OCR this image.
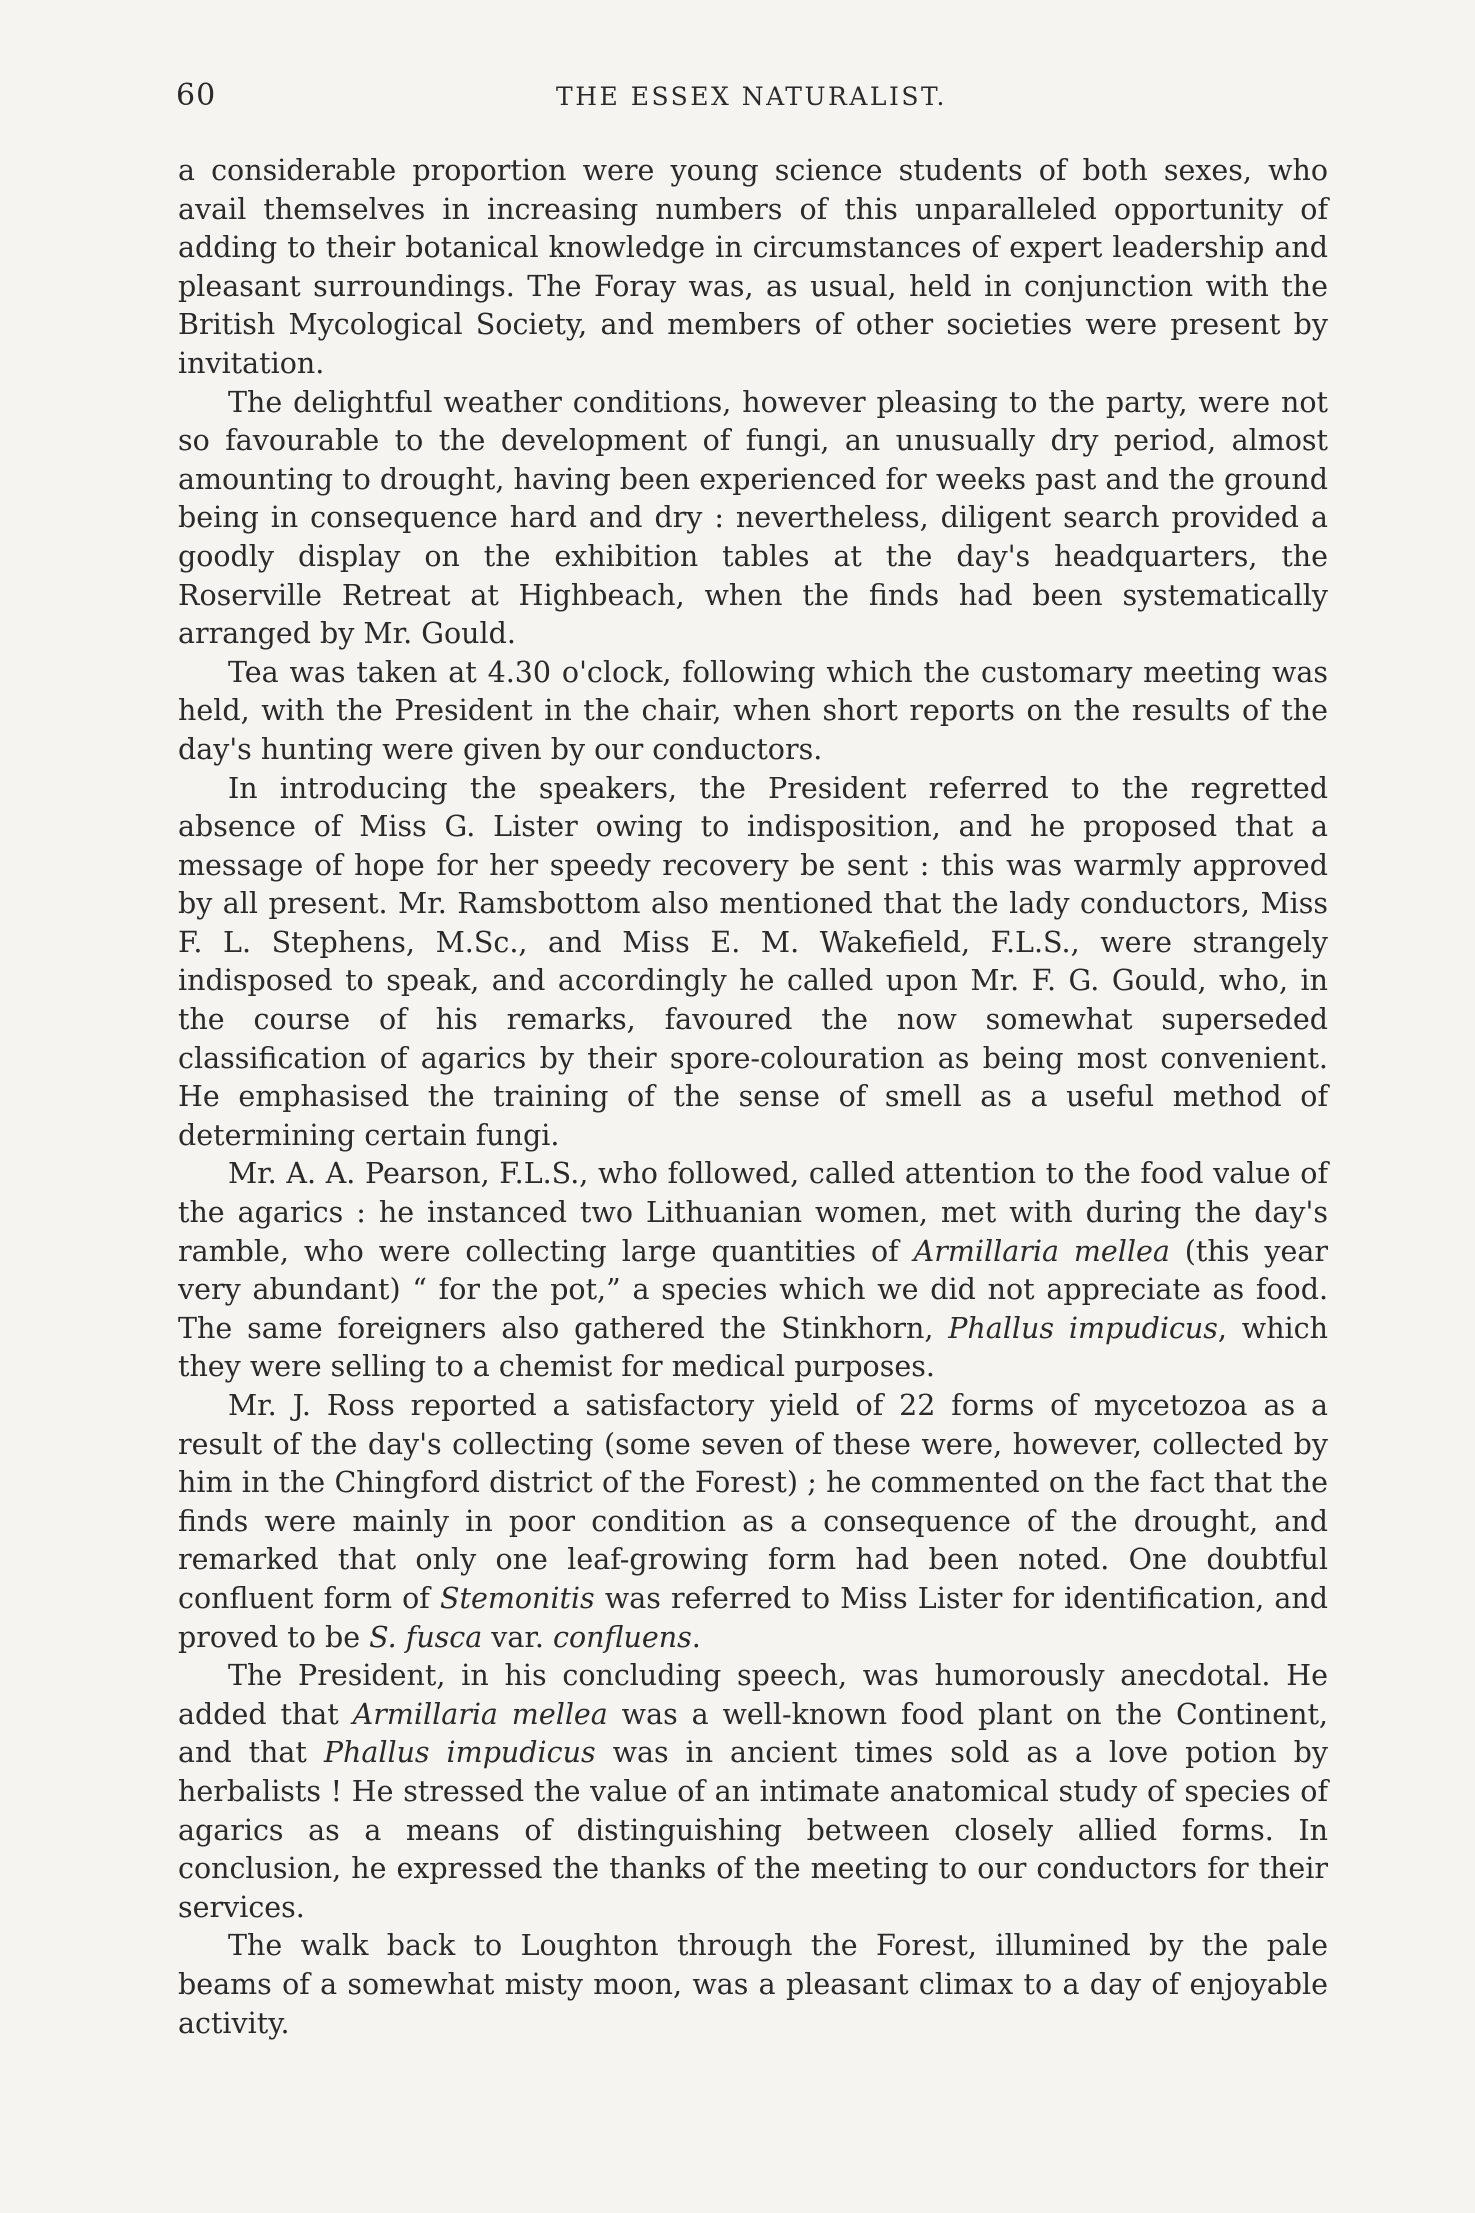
60	THE ESSEX NATURALIST.

a considerable proportion were young science students of both sexes, who avail themselves in increasing numbers of this unparalleled opportunity of adding to their botanical knowledge in circumstances of expert leadership and pleasant surroundings. The Foray was, as usual, held in conjunction with the British Mycological Society, and members of other societies were present by invitation.

The delightful weather conditions, however pleasing to the party, were not so favourable to the development of fungi, an unusually dry period, almost amounting to drought, having been experienced for weeks past and the ground being in consequence hard and dry : nevertheless, diligent search provided a goodly display on the exhibition tables at the day's headquarters, the Roserville Retreat at Highbeach, when the finds had been systematically arranged by Mr. Gould.

Tea was taken at 4.30 o'clock, following which the customary meeting was held, with the President in the chair, when short reports on the results of the day's hunting were given by our conductors.

In introducing the speakers, the President referred to the regretted absence of Miss G. Lister owing to indisposition, and he proposed that a message of hope for her speedy recovery be sent : this was warmly approved by all present. Mr. Ramsbottom also mentioned that the lady conductors, Miss F. L. Stephens, M.Sc., and Miss E. M. Wakefield, F.L.S., were strangely indisposed to speak, and accordingly he called upon Mr. F. G. Gould, who, in the course of his remarks, favoured the now somewhat superseded classification of agarics by their spore-colouration as being most convenient. He emphasised the training of the sense of smell as a useful method of determining certain fungi.

Mr. A. A. Pearson, F.L.S., who followed, called attention to the food value of the agarics : he instanced two Lithuanian women, met with during the day's ramble, who were collecting large quantities of Armillaria mellea (this year very abundant) “ for the pot,” a species which we did not appreciate as food. The same foreigners also gathered the Stinkhorn, Phallus impudicus, which they were selling to a chemist for medical purposes.

Mr. J. Ross reported a satisfactory yield of 22 forms of mycetozoa as a result of the day's collecting (some seven of these were, however, collected by him in the Chingford district of the Forest) ; he commented on the fact that the finds were mainly in poor condition as a consequence of the drought, and remarked that only one leaf-growing form had been noted. One doubtful confluent form of Stemonitis was referred to Miss Lister for identification, and proved to be S. fusca var. confluens.

The President, in his concluding speech, was humorously anecdotal. He added that Armillaria mellea was a well-known food plant on the Continent, and that Phallus impudicus was in ancient times sold as a love potion by herbalists ! He stressed the value of an intimate anatomical study of species of agarics as a means of distinguishing between closely allied forms. In conclusion, he expressed the thanks of the meeting to our conductors for their services.

The walk back to Loughton through the Forest, illumined by the pale beams of a somewhat misty moon, was a pleasant climax to a day of enjoyable activity.
